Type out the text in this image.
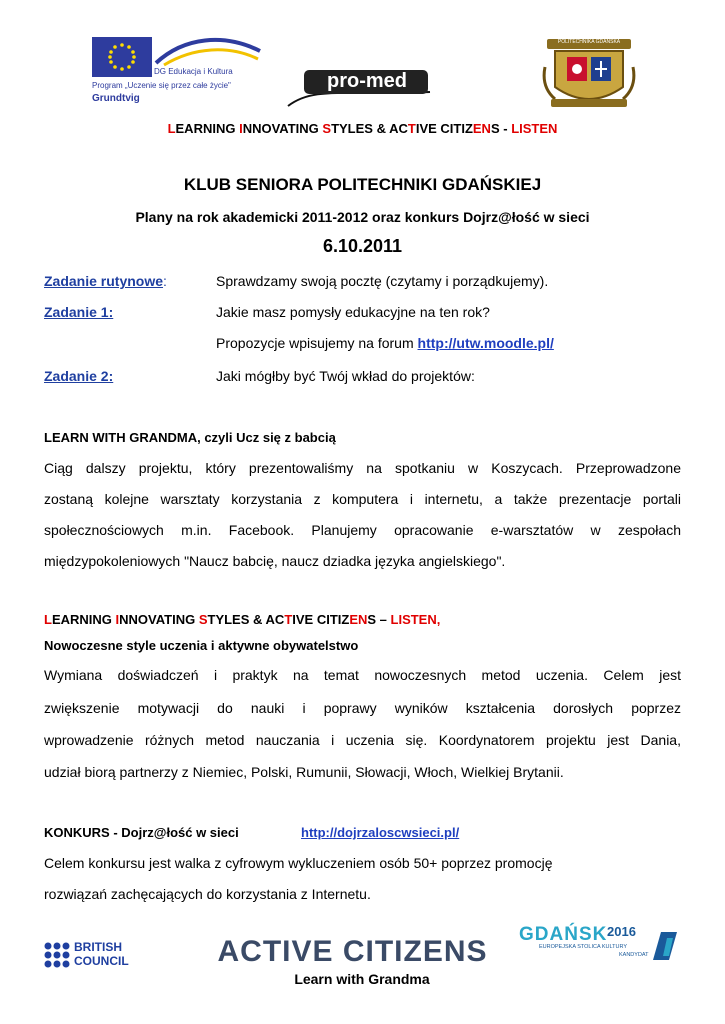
DG Edukacja i Kultura
Program „Uczenie się przez całe życie"
Grundtvig
pro-med
POLITECHNIKA GDAŃSKA
LEARNING INNOVATING STYLES & ACTIVE CITIZENS - LISTEN
KLUB SENIORA POLITECHNIKI GDAŃSKIEJ
Plany na rok akademicki 2011-2012 oraz konkurs Dojrz@łość w sieci
6.10.2011
Zadanie rutynowe:	Sprawdzamy swoją pocztę (czytamy i porządkujemy).
Zadanie 1:	Jakie masz pomysły edukacyjne na ten rok?
Propozycje wpisujemy na forum http://utw.moodle.pl/
Zadanie 2:	Jaki mógłby być Twój wkład do projektów:
LEARN WITH GRANDMA, czyli Ucz się z babcią
Ciąg dalszy projektu, który prezentowaliśmy na spotkaniu w Koszycach. Przeprowadzone
zostaną kolejne warsztaty korzystania z komputera i internetu, a także prezentacje portali
społecznościowych m.in. Facebook. Planujemy opracowanie e-warsztatów w zespołach
międzypokoleniowych "Naucz babcię, naucz dziadka języka angielskiego".
LEARNING INNOVATING STYLES & ACTIVE CITIZENS – LISTEN,
Nowoczesne style uczenia i aktywne obywatelstwo
Wymiana doświadczeń i praktyk na temat nowoczesnych metod uczenia. Celem jest
zwiększenie motywacji do nauki i poprawy wyników kształcenia dorosłych poprzez
wprowadzenie różnych metod nauczania i uczenia się. Koordynatorem projektu jest Dania,
udział biorą partnerzy z Niemiec, Polski, Rumunii, Słowacji, Włoch, Wielkiej Brytanii.
KONKURS - Dojrz@łość w sieci	http://dojrzaloscwsieci.pl/
Celem konkursu jest walka z cyfrowym wykluczeniem osób 50+ poprzez promocję
rozwiązań zachęcających do korzystania z Internetu.
BRITISH
COUNCIL	ACTIVE CITIZENS
Learn with Grandma
GDAŃSK 2016
EUROPEJSKA STOLICA KULTURY
KANDYDAT
